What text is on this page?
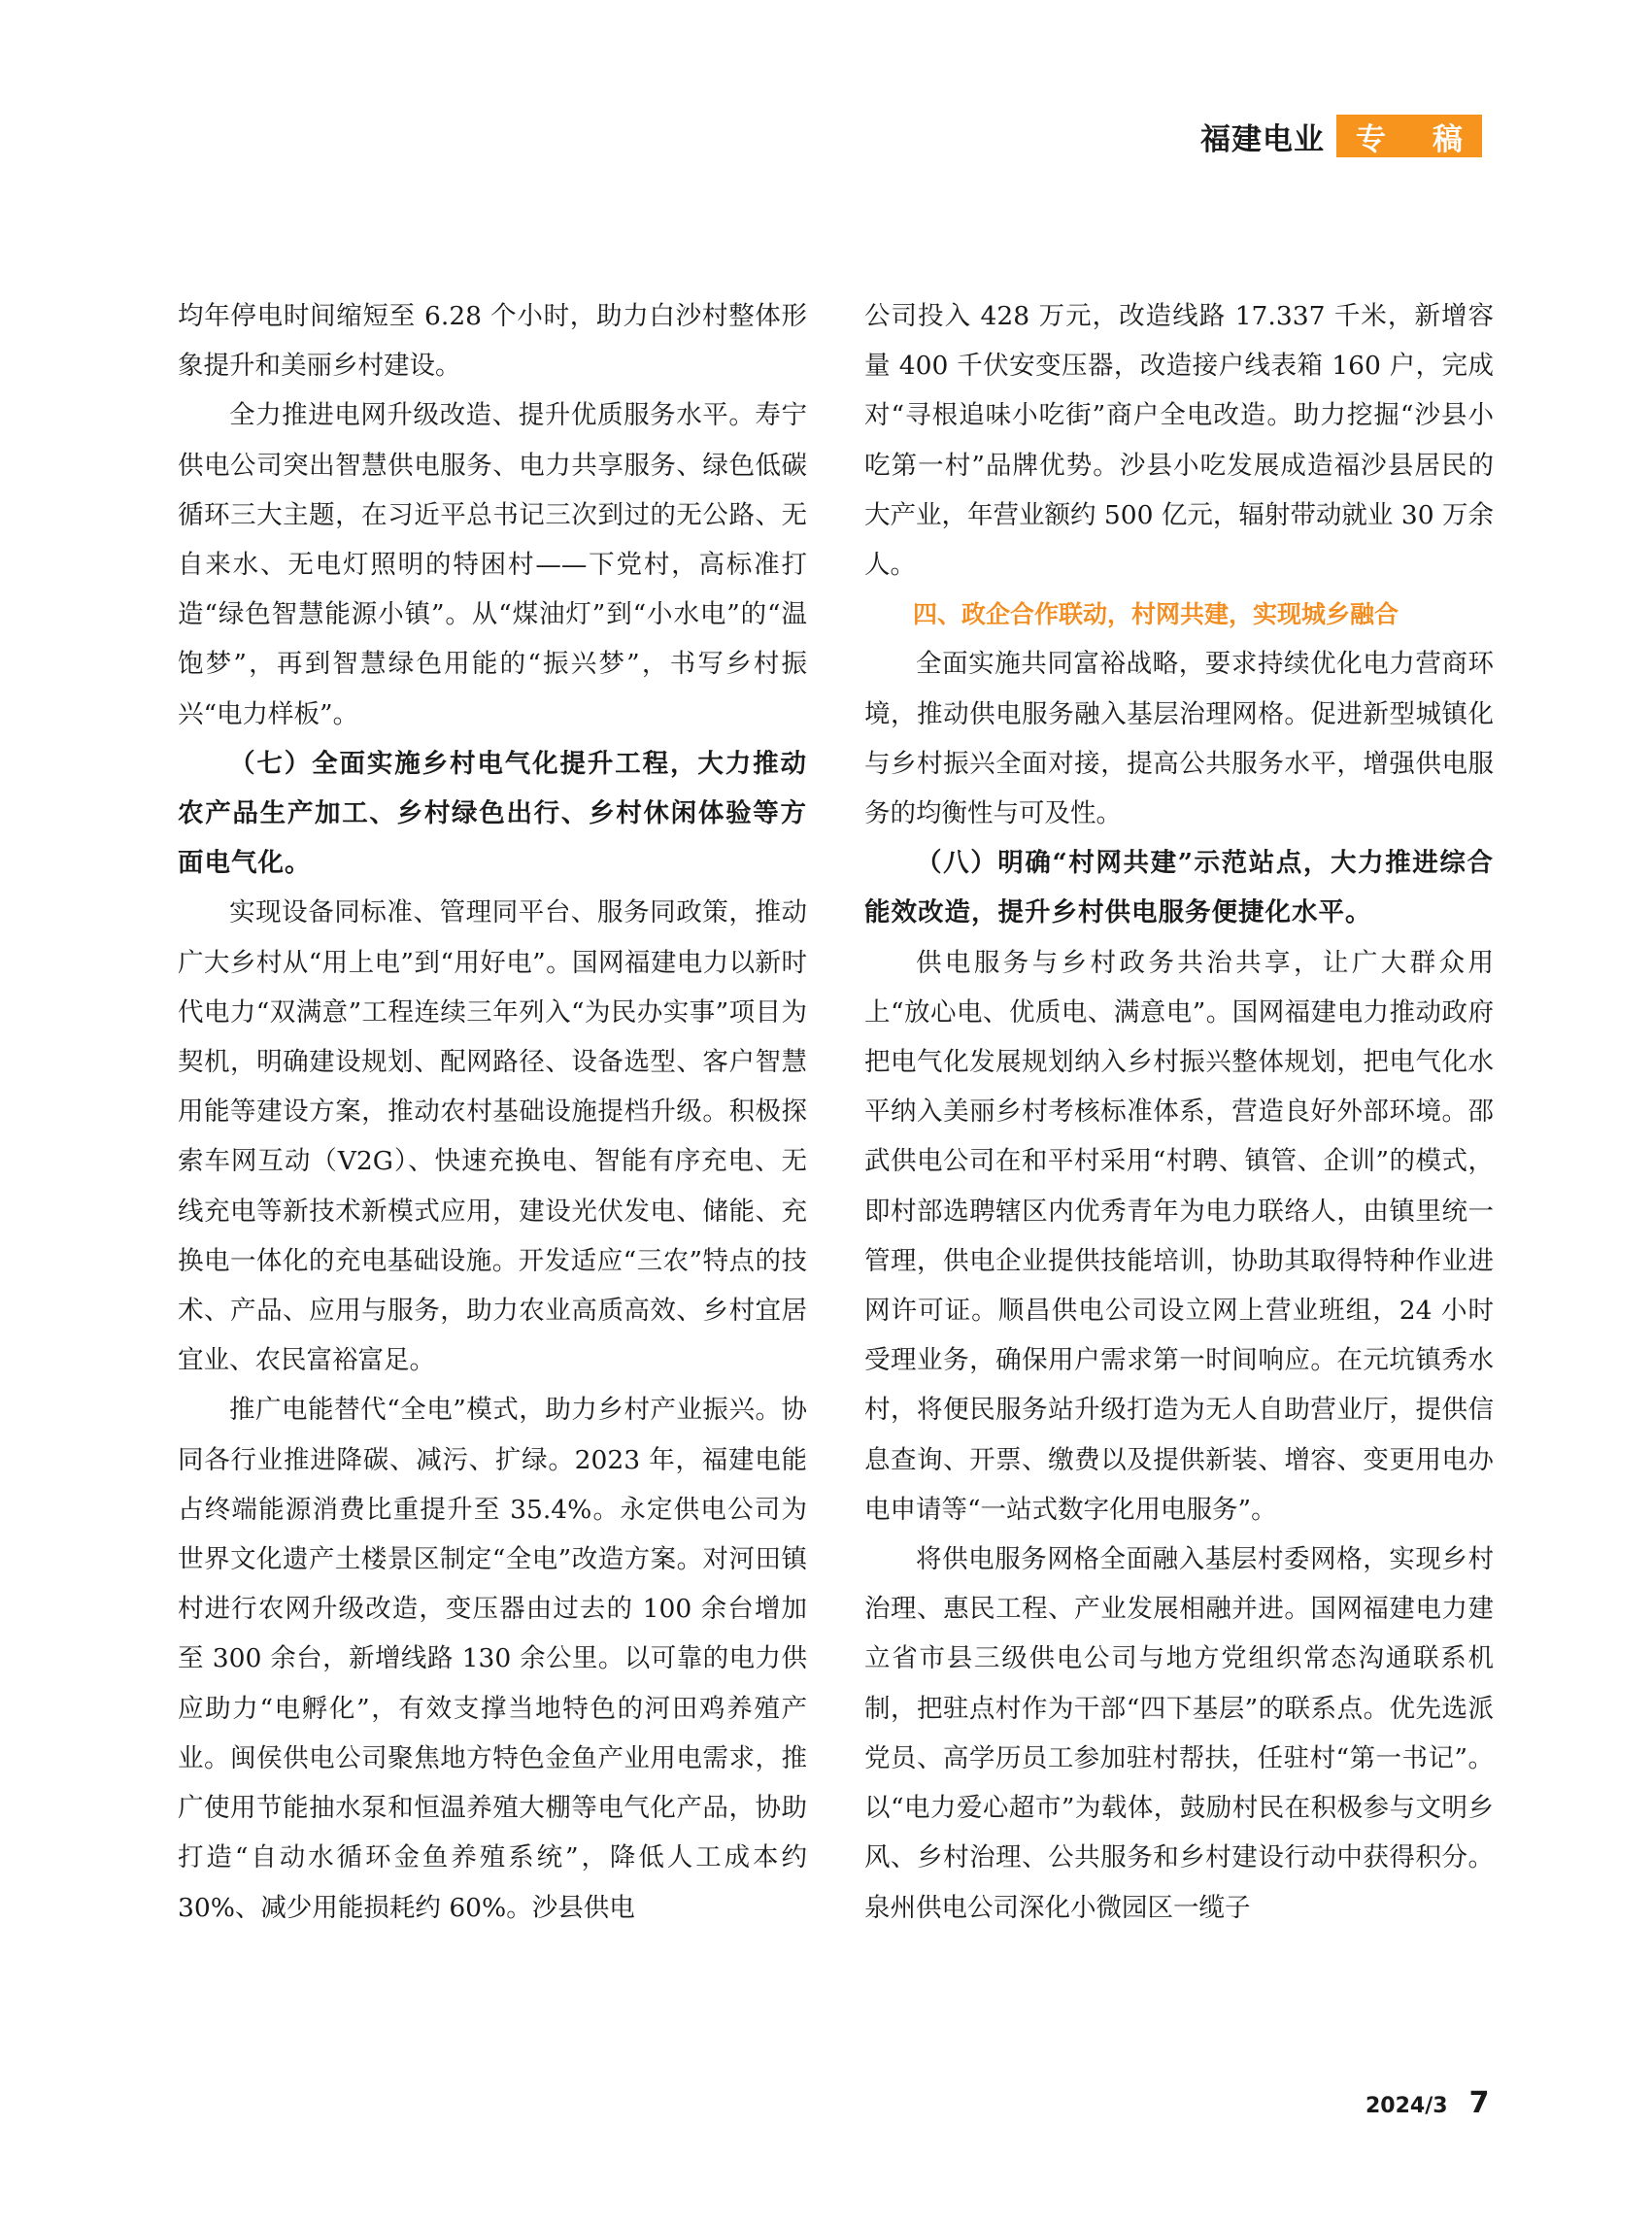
福建电业 专 稿

均年停电时间缩短至 6.28 个小时，助力白沙村整体形象提升和美丽乡村建设。

全力推进电网升级改造、提升优质服务水平。寿宁供电公司突出智慧供电服务、电力共享服务、绿色低碳循环三大主题，在习近平总书记三次到过的无公路、无自来水、无电灯照明的特困村——下党村，高标准打造“绿色智慧能源小镇”。从“煤油灯”到“小水电”的“温饱梦”，再到智慧绿色用能的“振兴梦”，书写乡村振兴“电力样板”。

（七）全面实施乡村电气化提升工程，大力推动农产品生产加工、乡村绿色出行、乡村休闲体验等方面电气化。

实现设备同标准、管理同平台、服务同政策，推动广大乡村从“用上电”到“用好电”。国网福建电力以新时代电力“双满意”工程连续三年列入“为民办实事”项目为契机，明确建设规划、配网路径、设备选型、客户智慧用能等建设方案，推动农村基础设施提档升级。积极探索车网互动（V2G）、快速充换电、智能有序充电、无线充电等新技术新模式应用，建设光伏发电、储能、充换电一体化的充电基础设施。开发适应“三农”特点的技术、产品、应用与服务，助力农业高质高效、乡村宜居宜业、农民富裕富足。

推广电能替代“全电”模式，助力乡村产业振兴。协同各行业推进降碳、减污、扩绿。2023 年，福建电能占终端能源消费比重提升至 35.4%。永定供电公司为世界文化遗产土楼景区制定“全电”改造方案。对河田镇村进行农网升级改造，变压器由过去的 100 余台增加至 300 余台，新增线路 130 余公里。以可靠的电力供应助力“电孵化”，有效支撑当地特色的河田鸡养殖产业。闽侯供电公司聚焦地方特色金鱼产业用电需求，推广使用节能抽水泵和恒温养殖大棚等电气化产品，协助打造“自动水循环金鱼养殖系统”，降低人工成本约 30%、减少用能损耗约 60%。沙县供电

公司投入 428 万元，改造线路 17.337 千米，新增容量 400 千伏安变压器，改造接户线表箱 160 户，完成对“寻根追味小吃街”商户全电改造。助力挖掘“沙县小吃第一村”品牌优势。沙县小吃发展成造福沙县居民的大产业，年营业额约 500 亿元，辐射带动就业 30 万余人。

四、政企合作联动，村网共建，实现城乡融合

全面实施共同富裕战略，要求持续优化电力营商环境，推动供电服务融入基层治理网格。促进新型城镇化与乡村振兴全面对接，提高公共服务水平，增强供电服务的均衡性与可及性。

（八）明确“村网共建”示范站点，大力推进综合能效改造，提升乡村供电服务便捷化水平。

供电服务与乡村政务共治共享，让广大群众用上“放心电、优质电、满意电”。国网福建电力推动政府把电气化发展规划纳入乡村振兴整体规划，把电气化水平纳入美丽乡村考核标准体系，营造良好外部环境。邵武供电公司在和平村采用“村聘、镇管、企训”的模式，即村部选聘辖区内优秀青年为电力联络人，由镇里统一管理，供电企业提供技能培训，协助其取得特种作业进网许可证。顺昌供电公司设立网上营业班组，24 小时受理业务，确保用户需求第一时间响应。在元坑镇秀水村，将便民服务站升级打造为无人自助营业厅，提供信息查询、开票、缴费以及提供新装、增容、变更用电办电申请等“一站式数字化用电服务”。

将供电服务网格全面融入基层村委网格，实现乡村治理、惠民工程、产业发展相融并进。国网福建电力建立省市县三级供电公司与地方党组织常态沟通联系机制，把驻点村作为干部“四下基层”的联系点。优先选派党员、高学历员工参加驻村帮扶，任驻村“第一书记”。以“电力爱心超市”为载体，鼓励村民在积极参与文明乡风、乡村治理、公共服务和乡村建设行动中获得积分。泉州供电公司深化小微园区一缆子

2024/3 7
